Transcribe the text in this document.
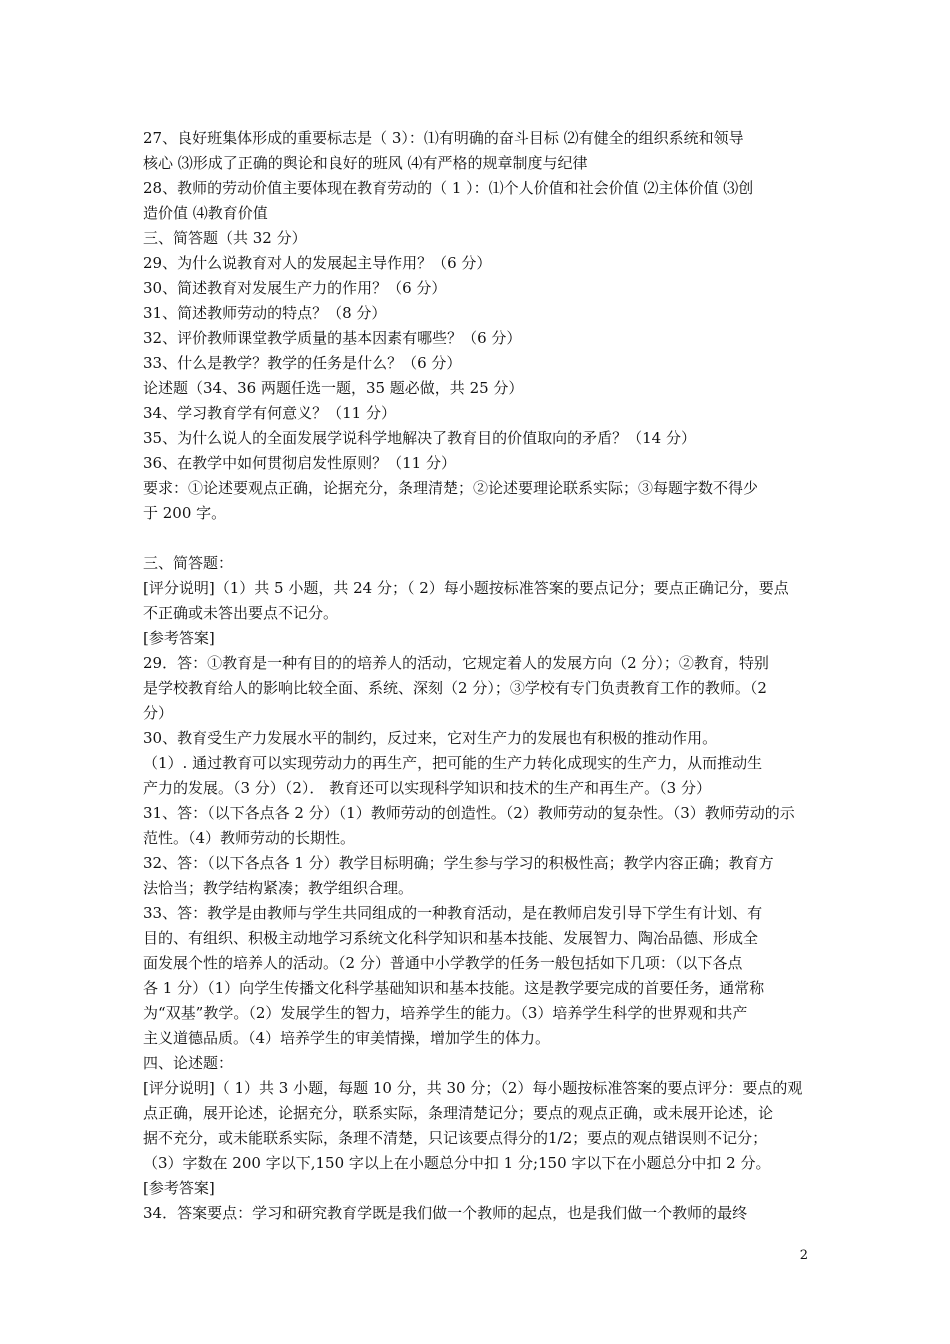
27、良好班集体形成的重要标志是（ 3）：⑴有明确的奋斗目标 ⑵有健全的组织系统和领导
核心 ⑶形成了正确的舆论和良好的班风 ⑷有严格的规章制度与纪律
28、教师的劳动价值主要体现在教育劳动的（ 1 ）：⑴个人价值和社会价值 ⑵主体价值 ⑶创
造价值 ⑷教育价值
三、简答题（共 32 分）
29、为什么说教育对人的发展起主导作用？（6 分）
30、简述教育对发展生产力的作用？（6 分）
31、简述教师劳动的特点？（8 分）
32、评价教师课堂教学质量的基本因素有哪些？（6 分）
33、什么是教学？教学的任务是什么？（6 分）
论述题（34、36 两题任选一题，35 题必做，共 25 分）
34、学习教育学有何意义？（11 分）
35、为什么说人的全面发展学说科学地解决了教育目的价值取向的矛盾？（14 分）
36、在教学中如何贯彻启发性原则？（11 分）
要求：①论述要观点正确，论据充分，条理清楚；②论述要理论联系实际；③每题字数不得少
于 200 字。
三、简答题：
[评分说明]（1）共 5 小题，共 24 分；（ 2）每小题按标准答案的要点记分；要点正确记分，要点
不正确或未答出要点不记分。
[参考答案]
29．答：①教育是一种有目的的培养人的活动，它规定着人的发展方向（2 分）；②教育，特别
是学校教育给人的影响比较全面、系统、深刻（2 分）；③学校有专门负责教育工作的教师。（2
分）
30、教育受生产力发展水平的制约，反过来，它对生产力的发展也有积极的推动作用。
（1）. 通过教育可以实现劳动力的再生产，把可能的生产力转化成现实的生产力，从而推动生
产力的发展。（3 分）（2）． 教育还可以实现科学知识和技术的生产和再生产。（3 分）
31、答：（以下各点各 2 分）（1）教师劳动的创造性。（2）教师劳动的复杂性。（3）教师劳动的示
范性。（4）教师劳动的长期性。
32、答：（以下各点各 1 分）教学目标明确；学生参与学习的积极性高；教学内容正确；教育方
法恰当；教学结构紧凑；教学组织合理。
33、答：教学是由教师与学生共同组成的一种教育活动，是在教师启发引导下学生有计划、有
目的、有组织、积极主动地学习系统文化科学知识和基本技能、发展智力、陶冶品德、形成全
面发展个性的培养人的活动。（2 分）普通中小学教学的任务一般包括如下几项：（以下各点
各 1 分）（1）向学生传播文化科学基础知识和基本技能。这是教学要完成的首要任务，通常称
为“双基”教学。（2）发展学生的智力，培养学生的能力。（3）培养学生科学的世界观和共产
主义道德品质。（4）培养学生的审美情操，增加学生的体力。
四、论述题：
[评分说明]（ 1）共 3 小题，每题 10 分，共 30 分；（2）每小题按标准答案的要点评分：要点的观
点正确，展开论述，论据充分，联系实际，条理清楚记分；要点的观点正确，或未展开论述，论
据不充分，或未能联系实际，条理不清楚，只记该要点得分的1/2；要点的观点错误则不记分；
（3）字数在 200 字以下,150 字以上在小题总分中扣 1 分;150 字以下在小题总分中扣 2 分。
[参考答案]
34．答案要点：学习和研究教育学既是我们做一个教师的起点，也是我们做一个教师的最终
2
